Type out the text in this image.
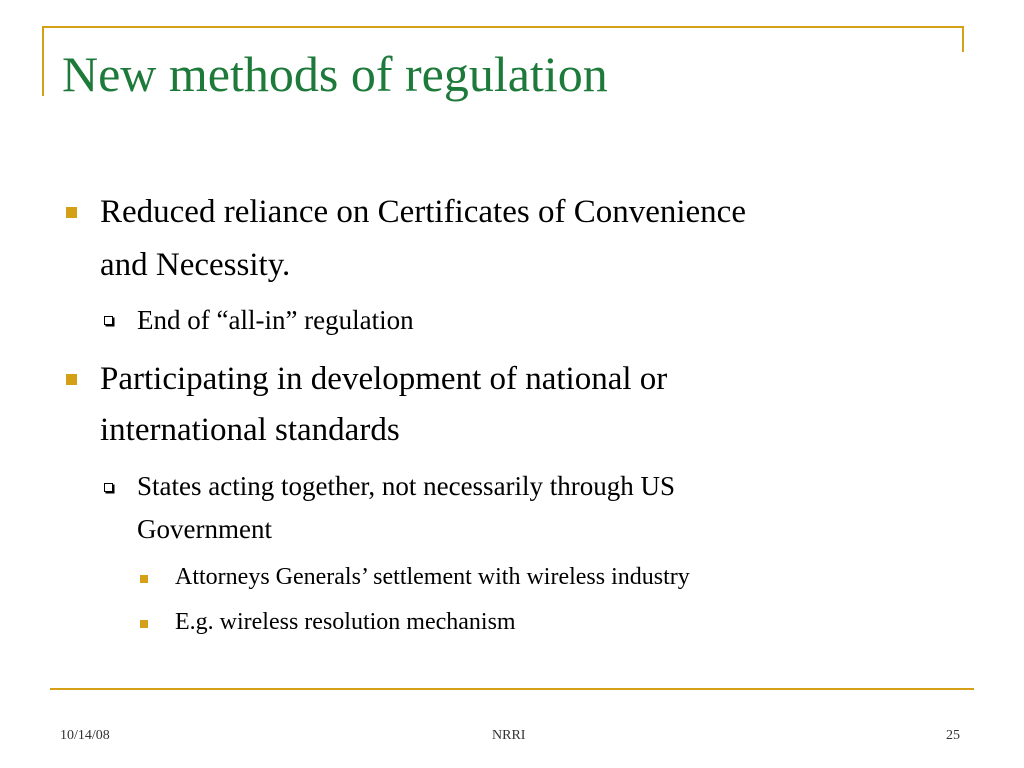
New methods of regulation
Reduced reliance on Certificates of Convenience
and Necessity.
End of “all-in” regulation
Participating in development of national or
international standards
States acting together, not necessarily through US
Government
Attorneys Generals’ settlement with wireless industry
E.g. wireless resolution mechanism
10/14/08	NRRI	25
